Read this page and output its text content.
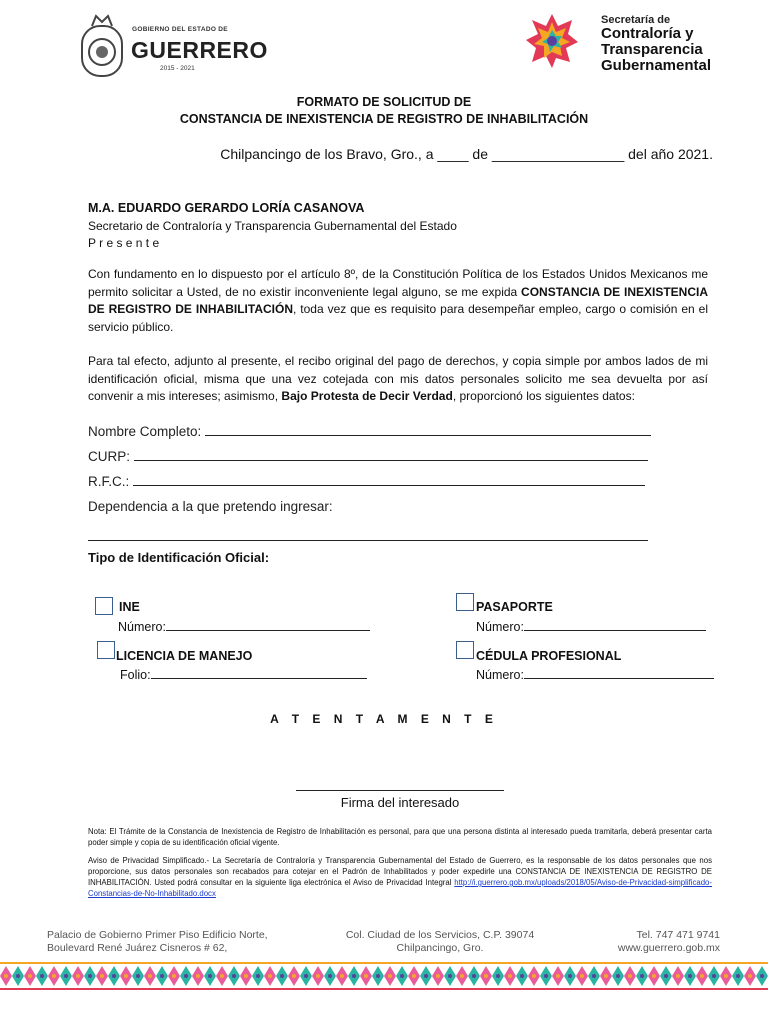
GOBIERNO DEL ESTADO DE
GUERRERO
2015 - 2021
Secretaría de
Contraloría y
Transparencia
Gubernamental
FORMATO DE SOLICITUD DE
CONSTANCIA DE INEXISTENCIA DE REGISTRO DE INHABILITACIÓN
Chilpancingo de los Bravo, Gro., a ____ de _________________ del año 2021.
M.A. EDUARDO GERARDO LORÍA CASANOVA
Secretario de Contraloría y Transparencia Gubernamental del Estado
P r e s e n t e
Con fundamento en lo dispuesto por el artículo 8º, de la Constitución Política de los Estados Unidos Mexicanos me permito solicitar a Usted, de no existir inconveniente legal alguno, se me expida CONSTANCIA DE INEXISTENCIA DE REGISTRO DE INHABILITACIÓN, toda vez que es requisito para desempeñar empleo, cargo o comisión en el servicio público.
Para tal efecto, adjunto al presente, el recibo original del pago de derechos, y copia simple por ambos lados de mi identificación oficial, misma que una vez cotejada con mis datos personales solicito me sea devuelta por así convenir a mis intereses; asimismo, Bajo Protesta de Decir Verdad, proporcionó los siguientes datos:
Nombre Completo:
CURP:
R.F.C.:
Dependencia a la que pretendo ingresar:
Tipo de Identificación Oficial:
INE
Número:
PASAPORTE
Número:
LICENCIA DE MANEJO
Folio:
CÉDULA PROFESIONAL
Número:
A T E N T A M E N T E
Firma del interesado
Nota: El Trámite de la Constancia de Inexistencia de Registro de Inhabilitación es personal, para que una persona distinta al interesado pueda tramitarla, deberá presentar carta poder simple y copia de su identificación oficial vigente.
Aviso de Privacidad Simplificado.- La Secretaría de Contraloría y Transparencia Gubernamental del Estado de Guerrero, es la responsable de los datos personales que nos proporcione, sus datos personales son recabados para cotejar en el Padrón de Inhabilitados y poder expedirle una CONSTANCIA DE INEXISTENCIA DE REGISTRO DE INHABILITACIÓN. Usted podrá consultar en la siguiente liga electrónica el Aviso de Privacidad Integral http://i.guerrero.gob.mx/uploads/2018/05/Aviso-de-Privacidad-simplificado-Constancias-de-No-Inhabilitado.docx
Palacio de Gobierno Primer Piso Edificio Norte,
Boulevard René Juárez Cisneros # 62,
Col. Ciudad de los Servicios, C.P. 39074
Chilpancingo, Gro.
Tel. 747 471 9741
www.guerrero.gob.mx
